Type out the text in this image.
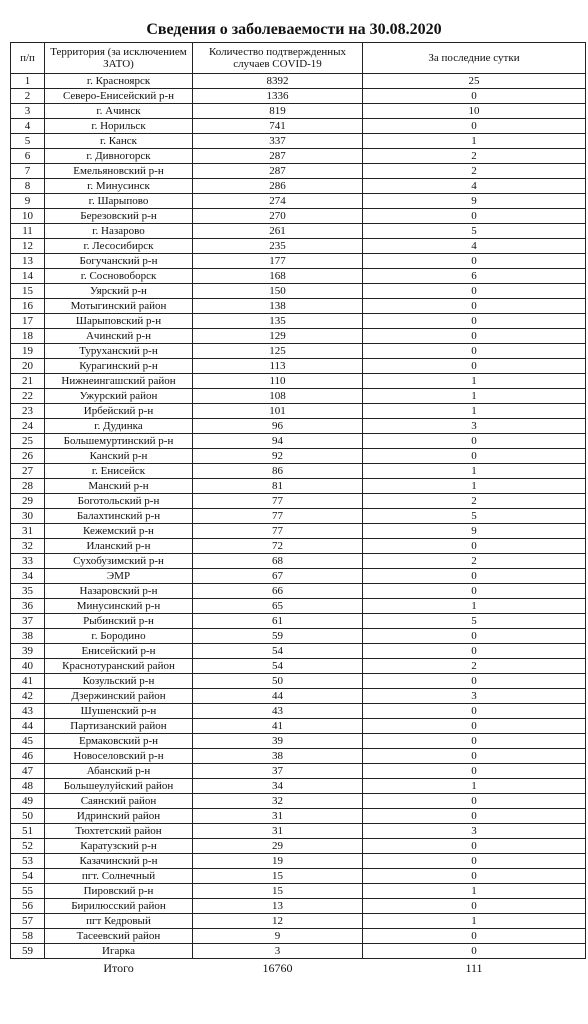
Сведения о заболеваемости на 30.08.2020
п/п	Территория (за исключением ЗАТО)	Количество подтвержденных случаев COVID-19	За последние сутки
1	г. Красноярск	8392	25
2	Северо-Енисейский р-н	1336	0
3	г. Ачинск	819	10
4	г. Норильск	741	0
5	г. Канск	337	1
6	г. Дивногорск	287	2
7	Емельяновский р-н	287	2
8	г. Минусинск	286	4
9	г. Шарыпово	274	9
10	Березовский р-н	270	0
11	г. Назарово	261	5
12	г. Лесосибирск	235	4
13	Богучанский р-н	177	0
14	г. Сосновоборск	168	6
15	Уярский р-н	150	0
16	Мотыгинский район	138	0
17	Шарыповский р-н	135	0
18	Ачинский р-н	129	0
19	Туруханский р-н	125	0
20	Курагинский р-н	113	0
21	Нижнеингашский район	110	1
22	Ужурский район	108	1
23	Ирбейский р-н	101	1
24	г. Дудинка	96	3
25	Большемуртинский р-н	94	0
26	Канский р-н	92	0
27	г. Енисейск	86	1
28	Манский р-н	81	1
29	Боготольский р-н	77	2
30	Балахтинский р-н	77	5
31	Кежемский р-н	77	9
32	Иланский р-н	72	0
33	Сухобузимский р-н	68	2
34	ЭМР	67	0
35	Назаровский р-н	66	0
36	Минусинский р-н	65	1
37	Рыбинский р-н	61	5
38	г. Бородино	59	0
39	Енисейский р-н	54	0
40	Краснотуранский район	54	2
41	Козульский р-н	50	0
42	Дзержинский район	44	3
43	Шушенский р-н	43	0
44	Партизанский район	41	0
45	Ермаковский р-н	39	0
46	Новоселовский р-н	38	0
47	Абанский р-н	37	0
48	Большеулуйский район	34	1
49	Саянский район	32	0
50	Идринский район	31	0
51	Тюхтетский район	31	3
52	Каратузский р-н	29	0
53	Казачинский р-н	19	0
54	пгт. Солнечный	15	0
55	Пировский р-н	15	1
56	Бирилюсский район	13	0
57	пгт Кедровый	12	1
58	Тасеевский район	9	0
59	Игарка	3	0
	Итого	16760	111
